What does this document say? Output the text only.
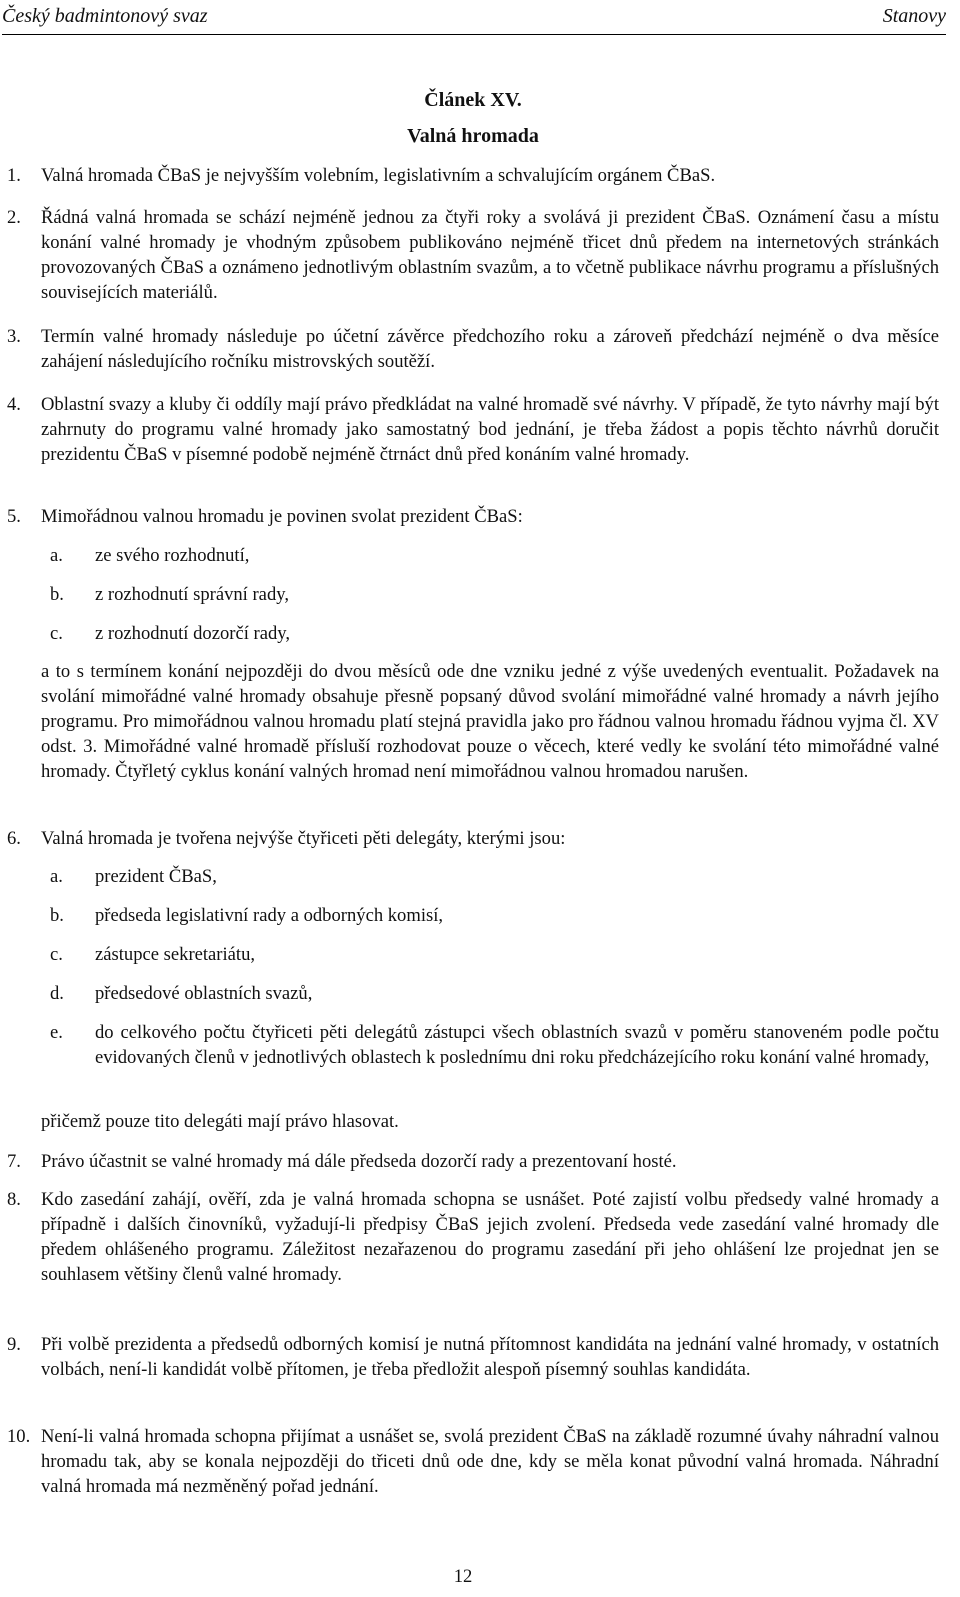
Český badmintonový svaz	Stanovy
Článek XV.
Valná hromada
1. Valná hromada ČBaS je nejvyšším volebním, legislativním a schvalujícím orgánem ČBaS.

2. Řádná valná hromada se schází nejméně jednou za čtyři roky a svolává ji prezident ČBaS. Oznámení času a místu konání valné hromady je vhodným způsobem publikováno nejméně třicet dnů předem na internetových stránkách provozovaných ČBaS a oznámeno jednotlivým oblastním svazům, a to včetně publikace návrhu programu a příslušných souvisejících materiálů.

3. Termín valné hromady následuje po účetní závěrce předchozího roku a zároveň předchází nejméně o dva měsíce zahájení následujícího ročníku mistrovských soutěží.

4. Oblastní svazy a kluby či oddíly mají právo předkládat na valné hromadě své návrhy. V případě, že tyto návrhy mají být zahrnuty do programu valné hromady jako samostatný bod jednání, je třeba žádost a popis těchto návrhů doručit prezidentu ČBaS v písemné podobě nejméně čtrnáct dnů před konáním valné hromady.

5. Mimořádnou valnou hromadu je povinen svolat prezident ČBaS:

a. ze svého rozhodnutí,

b. z rozhodnutí správní rady,

c. z rozhodnutí dozorčí rady,

a to s termínem konání nejpozději do dvou měsíců ode dne vzniku jedné z výše uvedených eventualit. Požadavek na svolání mimořádné valné hromady obsahuje přesně popsaný důvod svolání mimořádné valné hromady a návrh jejího programu. Pro mimořádnou valnou hromadu platí stejná pravidla jako pro řádnou valnou hromadu řádnou vyjma čl. XV odst. 3. Mimořádné valné hromadě přísluší rozhodovat pouze o věcech, které vedly ke svolání této mimořádné valné hromady. Čtyřletý cyklus konání valných hromad není mimořádnou valnou hromadou narušen.

6. Valná hromada je tvořena nejvýše čtyřiceti pěti delegáty, kterými jsou:

a. prezident ČBaS,

b. předseda legislativní rady a odborných komisí,

c. zástupce sekretariátu,

d. předsedové oblastních svazů,

e. do celkového počtu čtyřiceti pěti delegátů zástupci všech oblastních svazů v poměru stanoveném podle počtu evidovaných členů v jednotlivých oblastech k poslednímu dni roku předcházejícího roku konání valné hromady,

přičemž pouze tito delegáti mají právo hlasovat.

7. Právo účastnit se valné hromady má dále předseda dozorčí rady a prezentovaní hosté.

8. Kdo zasedání zahájí, ověří, zda je valná hromada schopna se usnášet. Poté zajistí volbu předsedy valné hromady a případně i dalších činovníků, vyžadují-li předpisy ČBaS jejich zvolení. Předseda vede zasedání valné hromady dle předem ohlášeného programu. Záležitost nezařazenou do programu zasedání při jeho ohlášení lze projednat jen se souhlasem většiny členů valné hromady.

9. Při volbě prezidenta a předsedů odborných komisí je nutná přítomnost kandidáta na jednání valné hromady, v ostatních volbách, není-li kandidát volbě přítomen, je třeba předložit alespoň písemný souhlas kandidáta.

10. Není-li valná hromada schopna přijímat a usnášet se, svolá prezident ČBaS na základě rozumné úvahy náhradní valnou hromadu tak, aby se konala nejpozději do třiceti dnů ode dne, kdy se měla konat původní valná hromada. Náhradní valná hromada má nezměněný pořad jednání.

12
